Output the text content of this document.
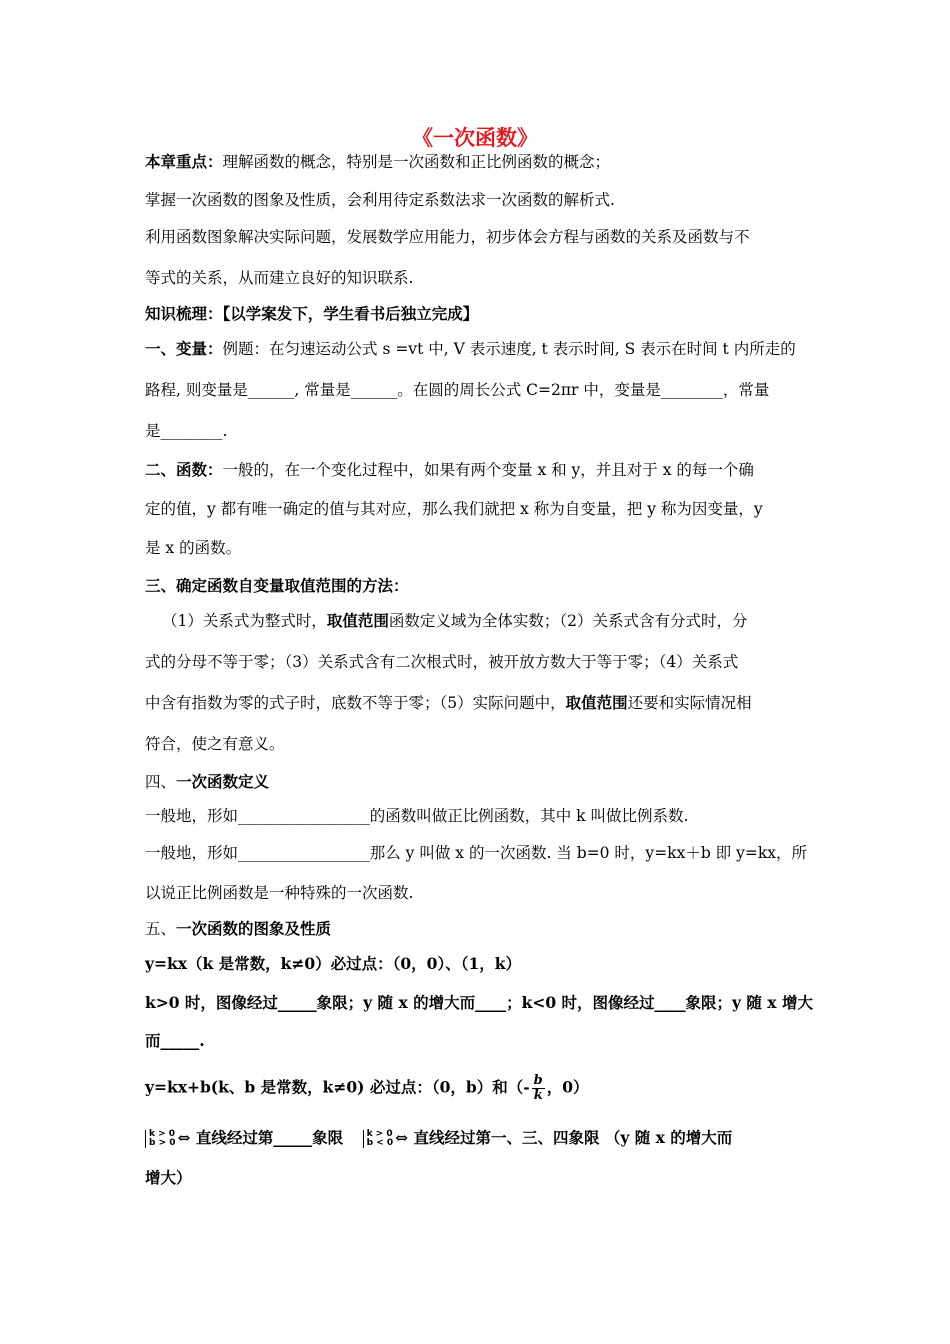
《一次函数》
本章重点：理解函数的概念，特别是一次函数和正比例函数的概念；
掌握一次函数的图象及性质，会利用待定系数法求一次函数的解析式.
利用函数图象解决实际问题，发展数学应用能力，初步体会方程与函数的关系及函数与不
等式的关系，从而建立良好的知识联系.
知识梳理：【以学案发下，学生看书后独立完成】
一、变量：例题：在匀速运动公式 s =vt 中, V 表示速度, t 表示时间, S 表示在时间 t 内所走的
路程, 则变量是______, 常量是______。在圆的周长公式 C=2πr 中，变量是________，常量
是________.
二、函数：一般的，在一个变化过程中，如果有两个变量 x 和 y，并且对于 x 的每一个确
定的值，y 都有唯一确定的值与其对应，那么我们就把 x 称为自变量，把 y 称为因变量，y
是 x 的函数。
三、确定函数自变量取值范围的方法：
（1）关系式为整式时，取值范围函数定义域为全体实数；（2）关系式含有分式时，分
式的分母不等于零；（3）关系式含有二次根式时，被开放方数大于等于零；（4）关系式
中含有指数为零的式子时，底数不等于零；（5）实际问题中，取值范围还要和实际情况相
符合，使之有意义。
四、一次函数定义
一般地，形如_________________的函数叫做正比例函数，其中 k 叫做比例系数.
一般地，形如_________________那么 y 叫做 x 的一次函数. 当 b=0 时，y=kx＋b 即 y=kx，所
以说正比例函数是一种特殊的一次函数.
五、一次函数的图象及性质
y=kx（k 是常数，k≠0）必过点：（0，0）、（1，k）
k>0 时，图像经过_____象限；y 随 x 的增大而____；k<0 时，图像经过____象限；y 随 x 增大
而_____.
y=kx+b(k、b 是常数，k≠0) 必过点：（0，b）和（- $\frac{b}{k}$ ，0）
k > 0
b > 0 ⇔ 直线经过第_____象限	k > 0
b < 0 ⇔ 直线经过第一、三、四象限 （y 随 x 的增大而
增大）
